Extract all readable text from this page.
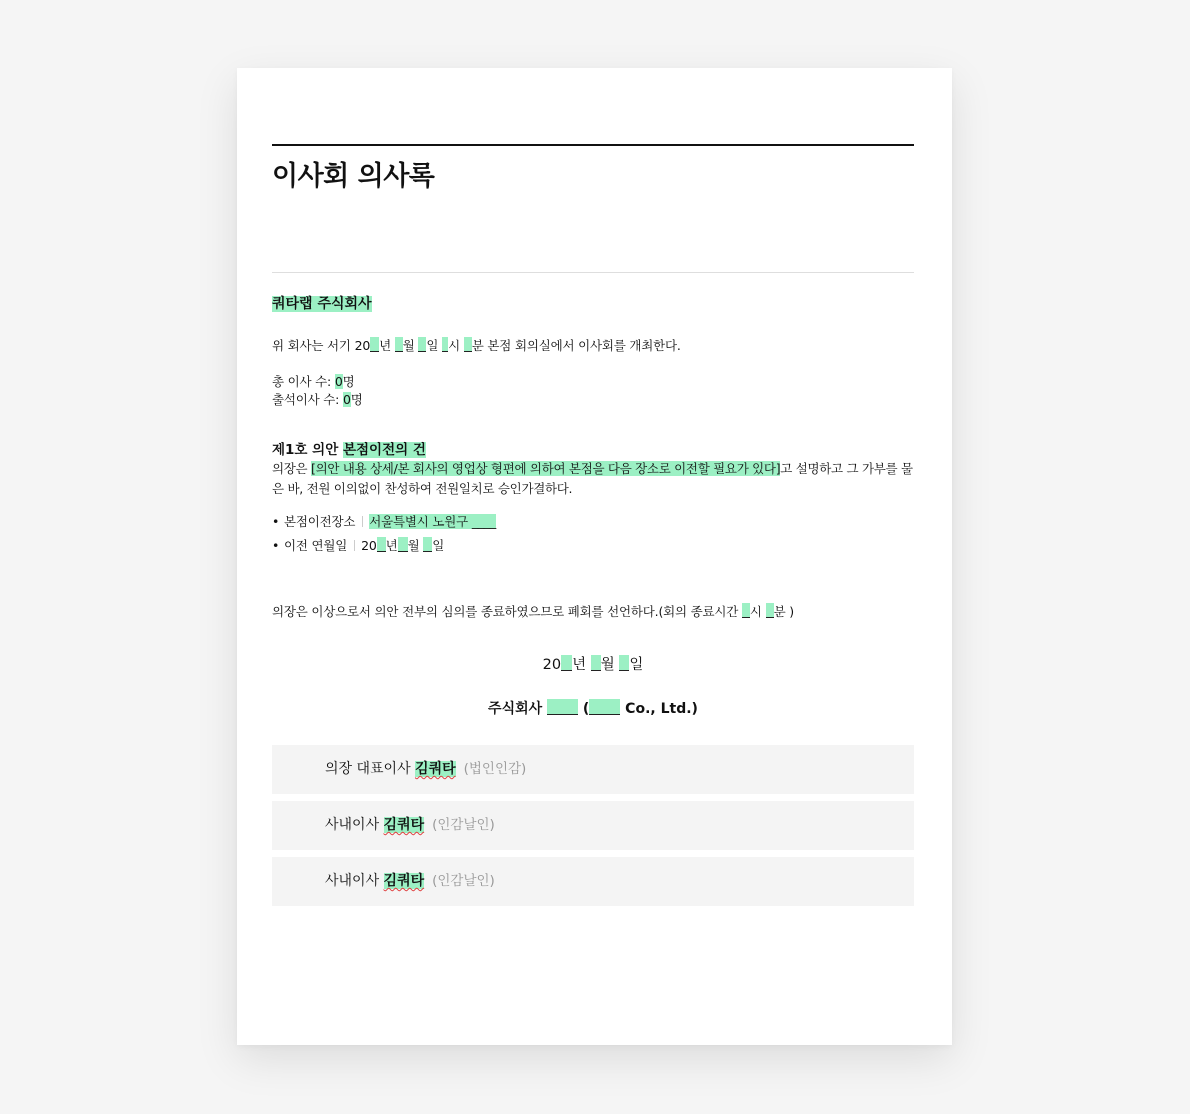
이사회 의사록
쿼타랩 주식회사
위 회사는 서기 20 년 월 일 시 분 본점 회의실에서 이사회를 개최한다.
총 이사 수: 0명
출석이사 수: 0명
제1호 의안 본점이전의 건
의장은 [의안 내용 상세/본 회사의 영업상 형편에 의하여 본점을 다음 장소로 이전할 필요가 있다]고 설명하고 그 가부를 물은 바, 전원 이의없이 찬성하여 전원일치로 승인가결하다.
• 본점이전장소 서울특별시 노원구 ____
• 이전 연월일 20 년 월 일
의장은 이상으로서 의안 전부의 심의를 종료하였으므로 폐회를 선언하다.(회의 종료시간 시 분 )
20 년 월 일
주식회사  ( Co., Ltd.)
의장 대표이사 김쿼타 (법인인감)
사내이사 김쿼타 (인감날인)
사내이사 김쿼타 (인감날인)
